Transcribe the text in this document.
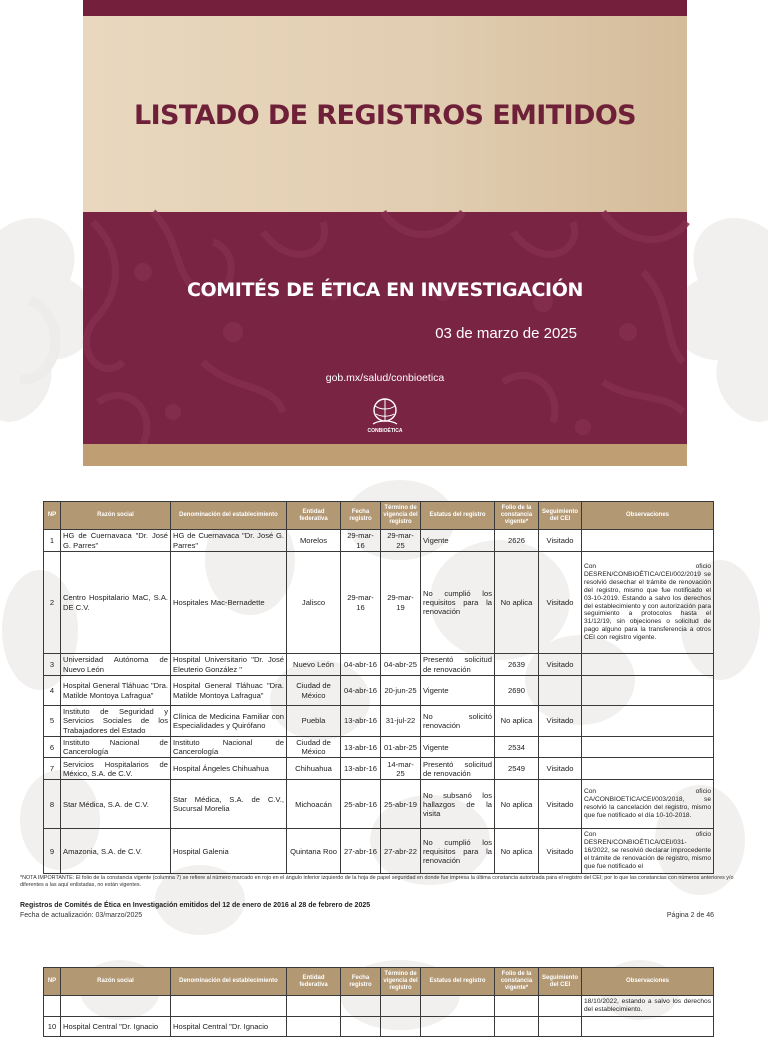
LISTADO DE REGISTROS EMITIDOS
COMITÉS DE ÉTICA EN INVESTIGACIÓN
03 de marzo de 2025
gob.mx/salud/conbioetica
CONBIOÉTICA
NP	Razón social	Denominación del establecimiento	Entidad federativa	Fecha registro	Término de vigencia del registro	Estatus del registro	Folio de la constancia vigente*	Seguimiento del CEI	Observaciones
1	HG de Cuernavaca "Dr. José G. Parres"	HG de Cuernavaca "Dr. José G. Parres"	Morelos	29-mar-16	29-mar-25	Vigente	2626	Visitado	
2	Centro Hospitalario MaC, S.A. DE C.V.	Hospitales Mac-Bernadette	Jalisco	29-mar-16	29-mar-19	No cumplió los requisitos para la renovación	No aplica	Visitado	Con oficio DESREN/CONBIOÉTICA/CEI/002/2019 se resolvió desechar el trámite de renovación del registro, mismo que fue notificado el 03-10-2019. Estando a salvo los derechos del establecimiento y con autorización para seguimiento a protocolos hasta el 31/12/19, sin objeciones o solicitud de pago alguno para la transferencia a otros CEI con registro vigente.
3	Universidad Autónoma de Nuevo León	Hospital Universitario "Dr. José Eleuterio González "	Nuevo León	04-abr-16	04-abr-25	Presentó solicitud de renovación	2639	Visitado	
4	Hospital General Tláhuac "Dra. Matilde Montoya Lafragua"	Hospital General Tláhuac "Dra. Matilde Montoya Lafragua"	Ciudad de México	04-abr-16	20-jun-25	Vigente	2690		
5	Instituto de Seguridad y Servicios Sociales de los Trabajadores del Estado	Clínica de Medicina Familiar con Especialidades y Quirófano	Puebla	13-abr-16	31-jul-22	No solicitó renovación	No aplica	Visitado	
6	Instituto Nacional de Cancerología	Instituto Nacional de Cancerología	Ciudad de México	13-abr-16	01-abr-25	Vigente	2534		
7	Servicios Hospitalarios de México, S.A. de C.V.	Hospital Ángeles Chihuahua	Chihuahua	13-abr-16	14-mar-25	Presentó solicitud de renovación	2549	Visitado	
8	Star Médica, S.A. de C.V.	Star Médica, S.A. de C.V., Sucursal Morelia	Michoacán	25-abr-16	25-abr-19	No subsanó los hallazgos de la visita	No aplica	Visitado	Con oficio CA/CONBIOETICA/CEI/003/2018, se resolvió la cancelación del registro, mismo que fue notificado el día 10-10-2018.
9	Amazonia, S.A. de C.V.	Hospital Galenia	Quintana Roo	27-abr-16	27-abr-22	No cumplió los requisitos para la renovación	No aplica	Visitado	Con oficio DESREN/CONBIOÉTICA/CEI/031-16/2022, se resolvió declarar improcedente el trámite de renovación de registro, mismo que fue notificado el
*NOTA IMPORTANTE: El folio de la constancia vigente (columna 7) se refiere al número marcado en rojo en el ángulo inferior izquierdo de la hoja de papel seguridad en donde fue impresa la última constancia autorizada para el registro del CEI; por lo que las constancias con números anteriores y/o diferentes a las aquí enlistadas, no están vigentes.
Registros de Comités de Ética en Investigación emitidos del 12 de enero de 2016 al 28 de febrero de 2025
Fecha de actualización: 03/marzo/2025	Página 2 de 46
NP	Razón social	Denominación del establecimiento	Entidad federativa	Fecha registro	Término de vigencia del registro	Estatus del registro	Folio de la constancia vigente*	Seguimiento del CEI	Observaciones
									18/10/2022, estando a salvo los derechos del establecimiento.
10	Hospital Central "Dr. Ignacio	Hospital Central "Dr. Ignacio							
